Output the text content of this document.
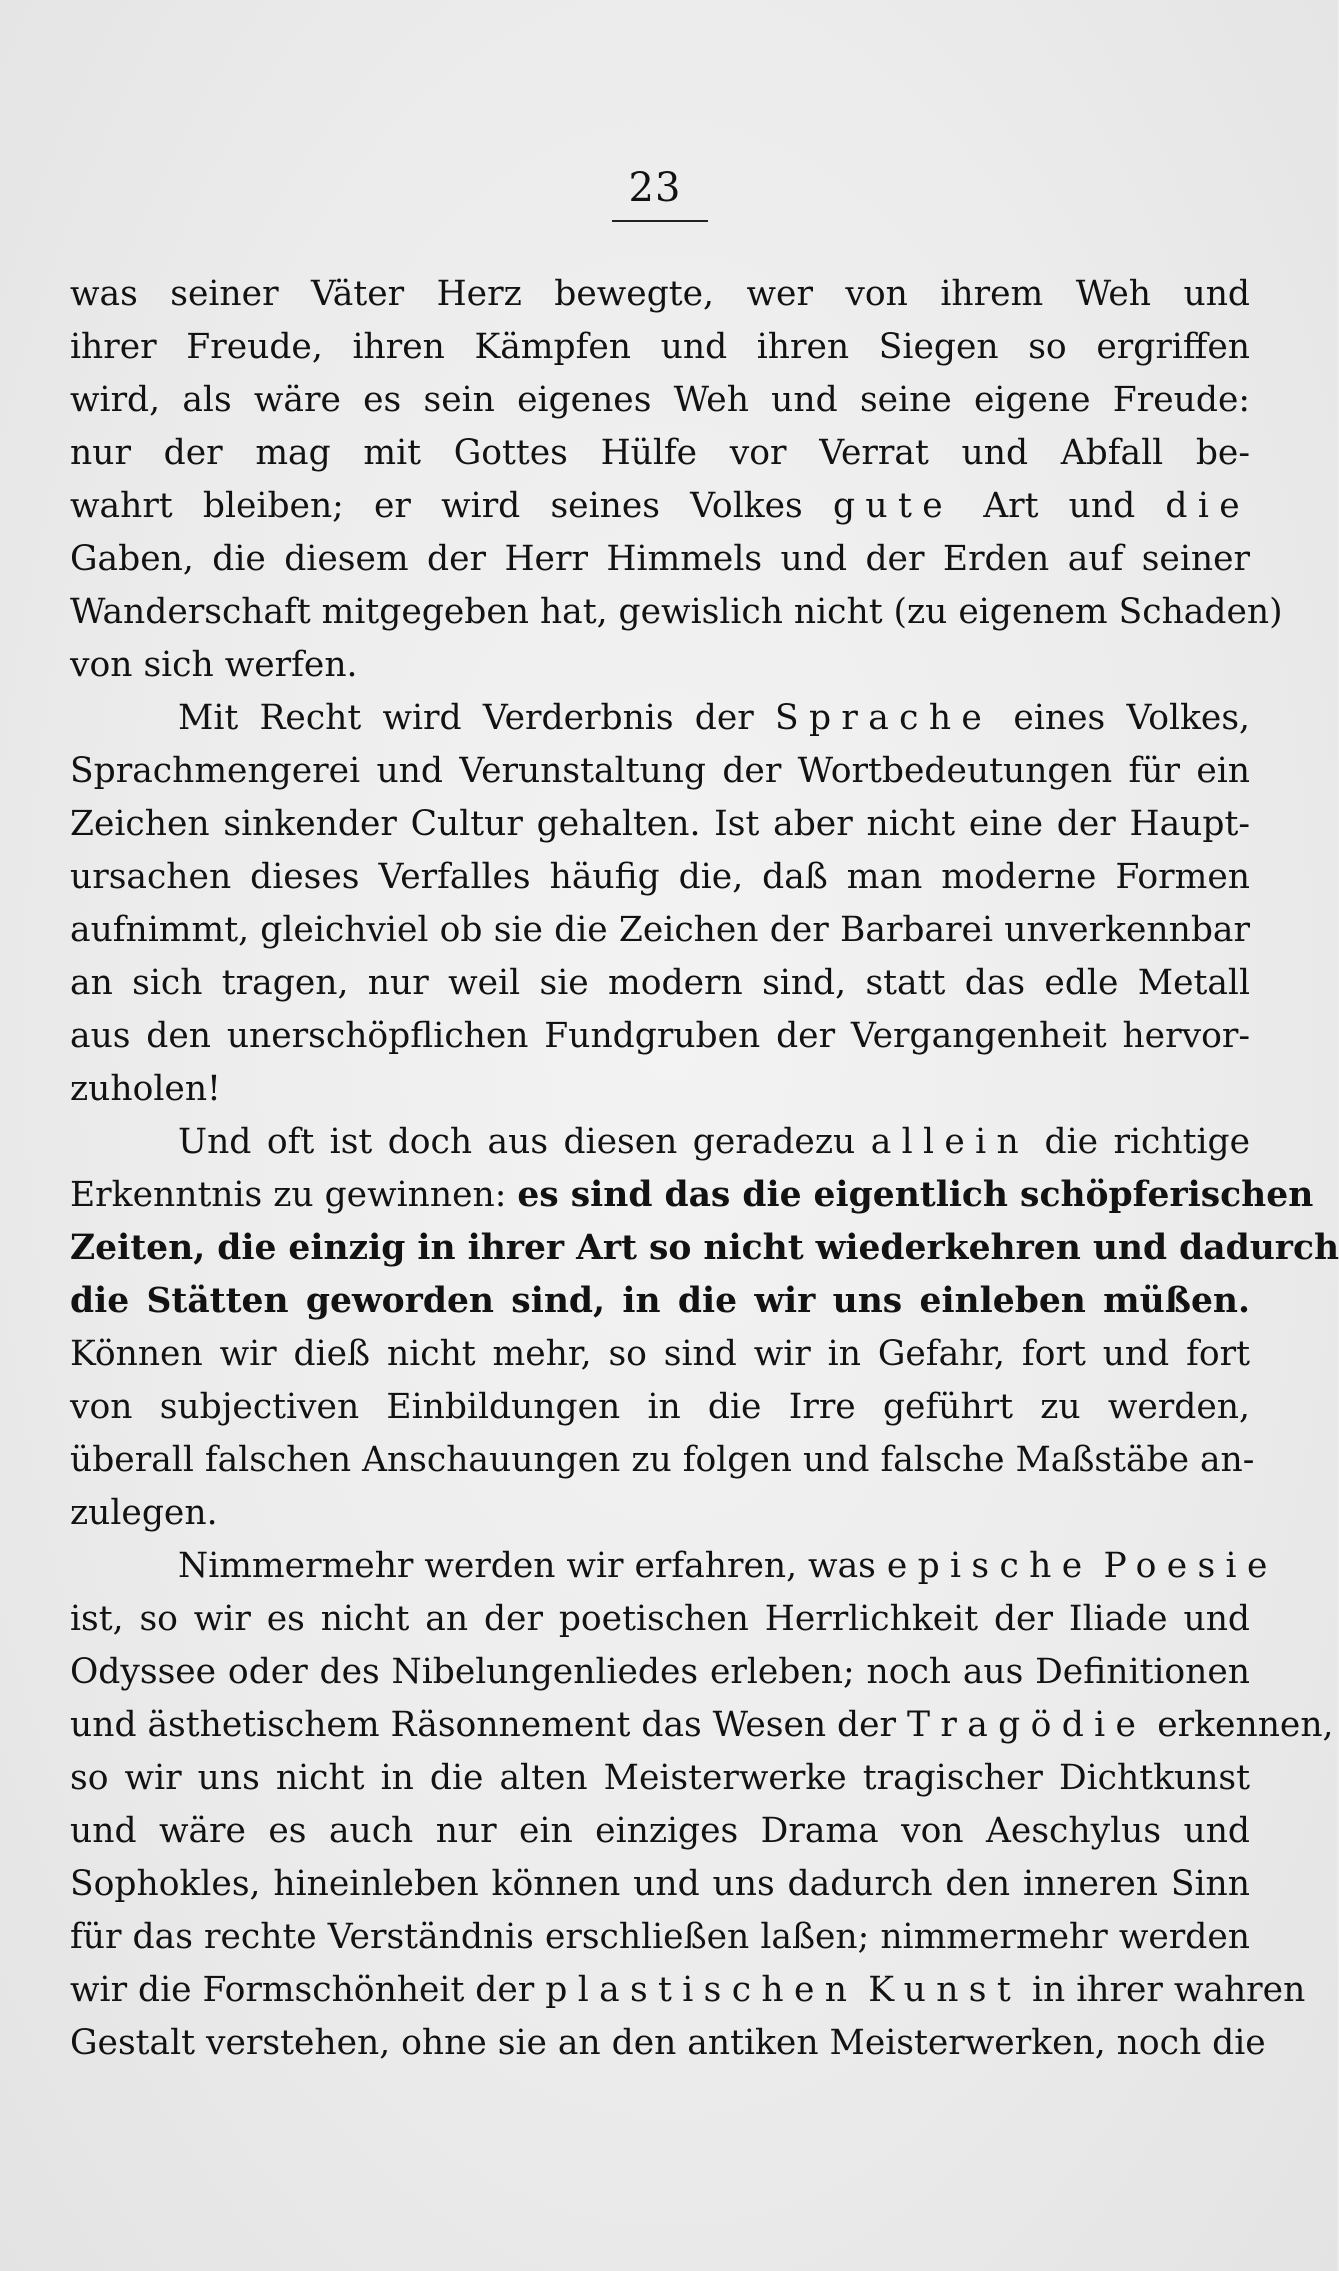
23
was seiner Väter Herz bewegte, wer von ihrem Weh und
ihrer Freude, ihren Kämpfen und ihren Siegen so ergriffen
wird, als wäre es sein eigenes Weh und seine eigene Freude:
nur der mag mit Gottes Hülfe vor Verrat und Abfall be-
wahrt bleiben; er wird seines Volkes gute Art und die
Gaben, die diesem der Herr Himmels und der Erden auf seiner
Wanderschaft mitgegeben hat, gewislich nicht (zu eigenem Schaden)
von sich werfen.
Mit Recht wird Verderbnis der Sprache eines Volkes,
Sprachmengerei und Verunstaltung der Wortbedeutungen für ein
Zeichen sinkender Cultur gehalten. Ist aber nicht eine der Haupt-
ursachen dieses Verfalles häufig die, daß man moderne Formen
aufnimmt, gleichviel ob sie die Zeichen der Barbarei unverkennbar
an sich tragen, nur weil sie modern sind, statt das edle Metall
aus den unerschöpflichen Fundgruben der Vergangenheit hervor-
zuholen!
Und oft ist doch aus diesen geradezu allein die richtige
Erkenntnis zu gewinnen: es sind das die eigentlich schöpferischen
Zeiten, die einzig in ihrer Art so nicht wiederkehren und dadurch
die Stätten geworden sind, in die wir uns einleben müßen.
Können wir dieß nicht mehr, so sind wir in Gefahr, fort und fort
von subjectiven Einbildungen in die Irre geführt zu werden,
überall falschen Anschauungen zu folgen und falsche Maßstäbe an-
zulegen.
Nimmermehr werden wir erfahren, was epische Poesie
ist, so wir es nicht an der poetischen Herrlichkeit der Iliade und
Odyssee oder des Nibelungenliedes erleben; noch aus Definitionen
und ästhetischem Räsonnement das Wesen der Tragödie erkennen,
so wir uns nicht in die alten Meisterwerke tragischer Dichtkunst
und wäre es auch nur ein einziges Drama von Aeschylus und
Sophokles, hineinleben können und uns dadurch den inneren Sinn
für das rechte Verständnis erschließen laßen; nimmermehr werden
wir die Formschönheit der plastischen Kunst in ihrer wahren
Gestalt verstehen, ohne sie an den antiken Meisterwerken, noch die
